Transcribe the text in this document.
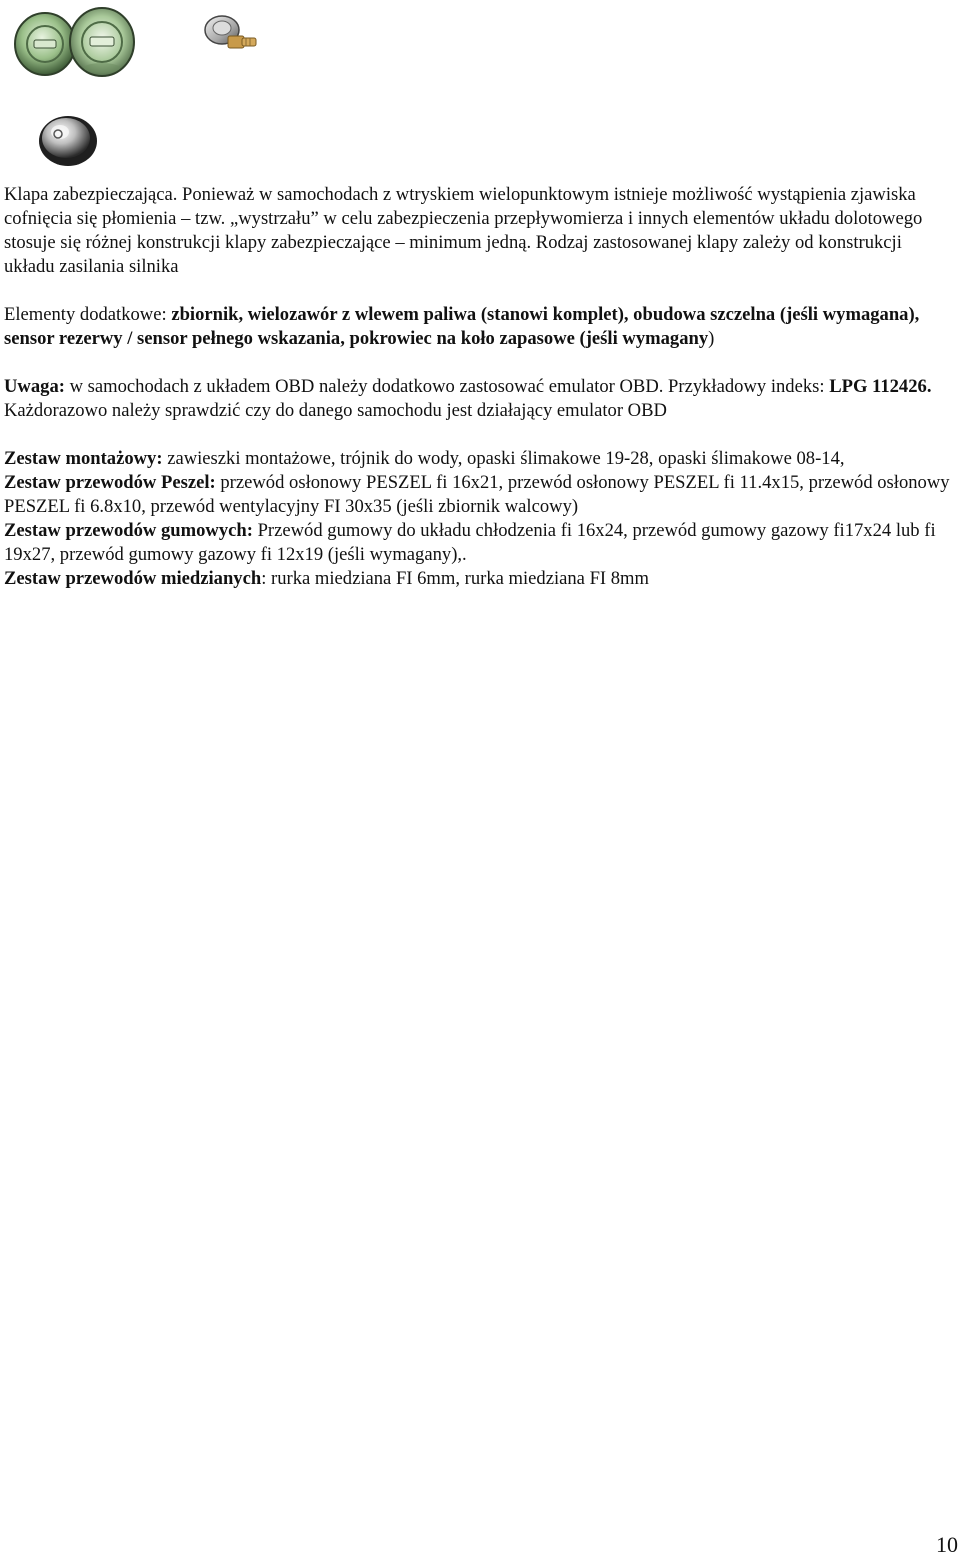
Klapa zabezpieczająca. Ponieważ w samochodach z wtryskiem wielopunktowym istnieje możliwość wystąpienia zjawiska cofnięcia się płomienia – tzw. „wystrzału” w celu zabezpieczenia przepływomierza i innych elementów układu dolotowego stosuje się różnej konstrukcji klapy zabezpieczające – minimum jedną. Rodzaj zastosowanej klapy zależy od konstrukcji układu zasilania silnika

Elementy dodatkowe: zbiornik, wielozawór z wlewem paliwa (stanowi komplet), obudowa szczelna (jeśli wymagana), sensor rezerwy / sensor pełnego wskazania, pokrowiec na koło zapasowe (jeśli wymagany)

Uwaga: w samochodach z układem OBD należy dodatkowo zastosować emulator OBD. Przykładowy indeks: LPG 112426. Każdorazowo należy sprawdzić czy do danego samochodu jest działający emulator OBD

Zestaw montażowy: zawieszki montażowe, trójnik do wody, opaski ślimakowe 19-28, opaski ślimakowe 08-14,

Zestaw przewodów Peszel: przewód osłonowy PESZEL fi 16x21, przewód osłonowy PESZEL fi 11.4x15, przewód osłonowy PESZEL fi 6.8x10, przewód wentylacyjny FI 30x35 (jeśli zbiornik walcowy)

Zestaw przewodów gumowych: Przewód gumowy do układu chłodzenia fi 16x24, przewód gumowy gazowy fi17x24 lub fi 19x27, przewód gumowy gazowy fi 12x19 (jeśli wymagany),.

Zestaw przewodów miedzianych: rurka miedziana FI 6mm, rurka miedziana FI 8mm

10
